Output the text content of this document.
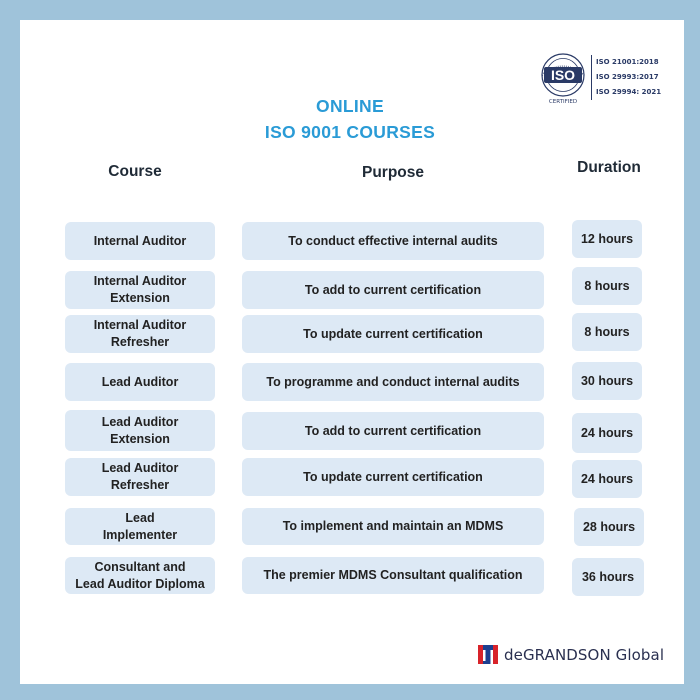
ISO
CERTIFIED
ISO 21001:2018
ISO 29993:2017
ISO 29994: 2021
ONLINE
ISO 9001 COURSES
Course	Purpose	Duration
Internal Auditor	To conduct effective internal audits	12 hours
Internal Auditor
Extension
To add to current certification	8 hours
Internal Auditor
Refresher
To update current certification	8 hours
Lead Auditor	To programme and conduct internal audits	30 hours
Lead Auditor
Extension
To add to current certification	24 hours
Lead Auditor
Refresher
To update current certification	24 hours
Lead
Implementer
To implement and maintain an MDMS	28 hours
Consultant and
Lead Auditor Diploma
The premier MDMS Consultant qualification	36 hours
deGRANDSON Global
